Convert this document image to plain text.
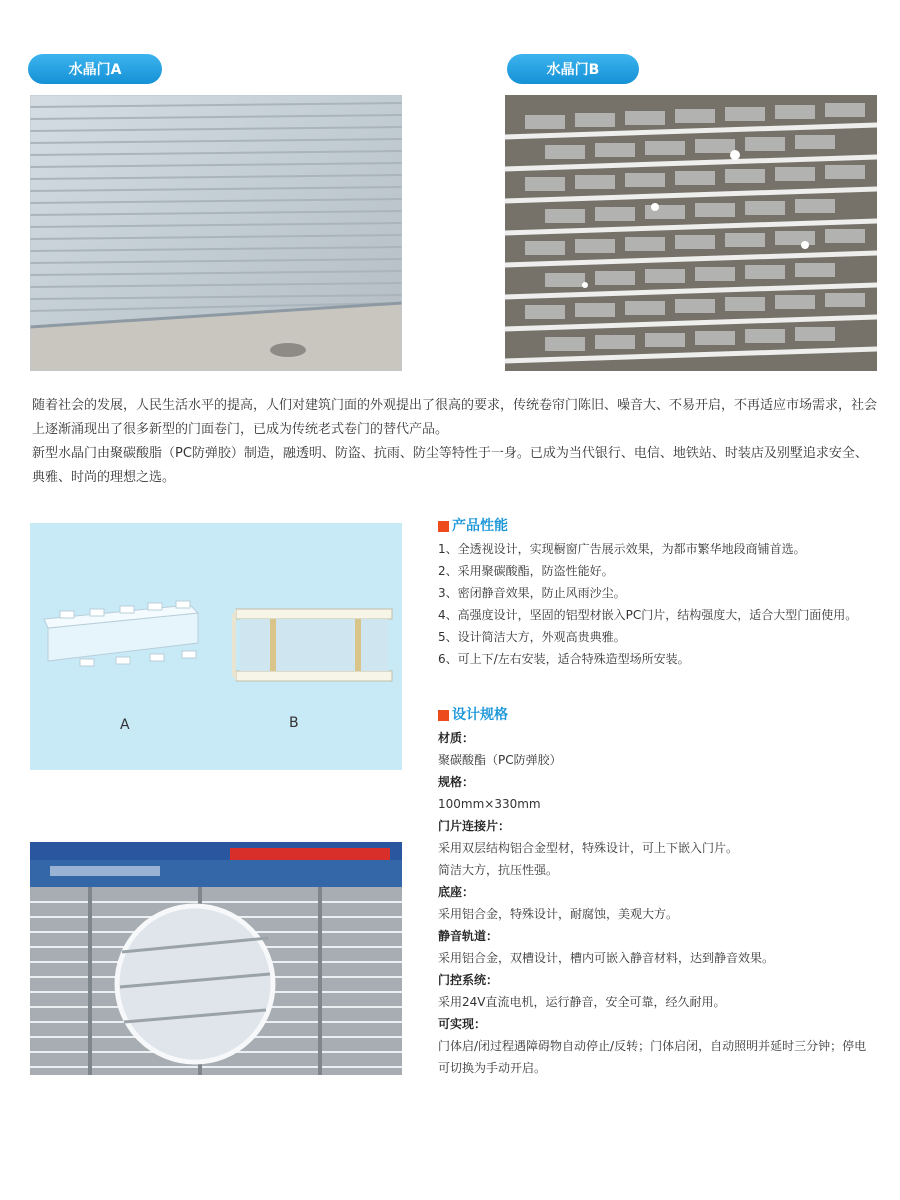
水晶门A	水晶门B

随着社会的发展，人民生活水平的提高，人们对建筑门面的外观提出了很高的要求，传统卷帘门陈旧、噪音大、不易开启，不再适应市场需求，社会上逐渐涌现出了很多新型的门面卷门，已成为传统老式卷门的替代产品。

新型水晶门由聚碳酸脂（PC防弹胶）制造，融透明、防盗、抗雨、防尘等特性于一身。已成为当代银行、电信、地铁站、时装店及别墅追求安全、典雅、时尚的理想之选。

A	B
产品性能

1、全透视设计，实现橱窗广告展示效果，为都市繁华地段商铺首选。

2、采用聚碳酸酯，防盗性能好。

3、密闭静音效果，防止风雨沙尘。

4、高强度设计，坚固的铝型材嵌入PC门片，结构强度大，适合大型门面使用。

5、设计简洁大方，外观高贵典雅。

6、可上下/左右安装，适合特殊造型场所安装。

设计规格
材质：

聚碳酸酯（PC防弹胶）

规格：

100mm×330mm

门片连接片：

采用双层结构铝合金型材，特殊设计，可上下嵌入门片。

简洁大方，抗压性强。

底座：

采用铝合金，特殊设计，耐腐蚀，美观大方。

静音轨道：

采用铝合金，双槽设计，槽内可嵌入静音材料，达到静音效果。

门控系统：

采用24V直流电机，运行静音，安全可靠，经久耐用。

可实现：

门体启/闭过程遇障碍物自动停止/反转；门体启闭，自动照明并延时三分钟；停电可切换为手动开启。
